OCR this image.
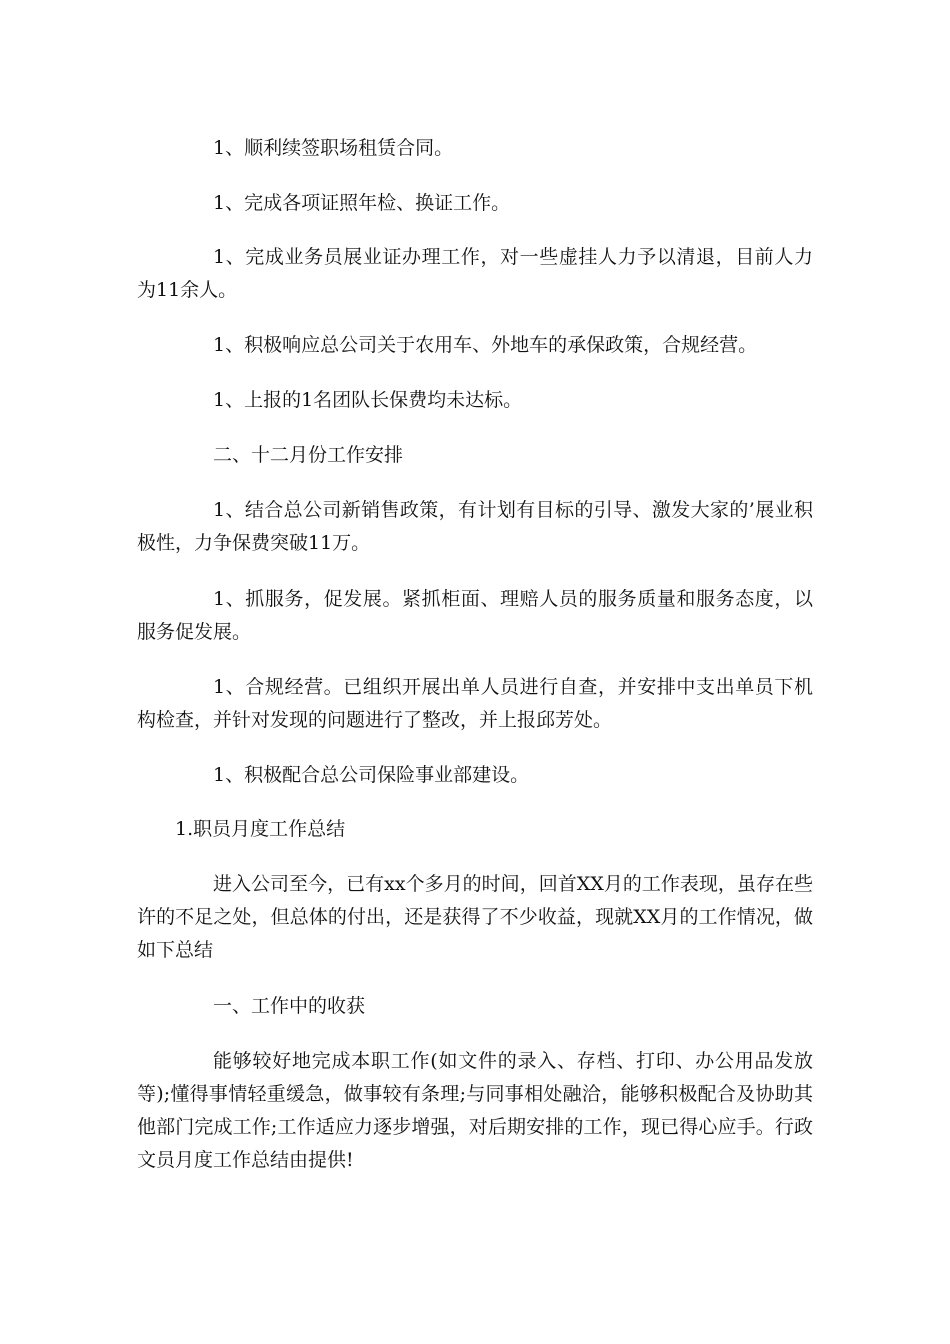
1、顺利续签职场租赁合同。

1、完成各项证照年检、换证工作。

1、完成业务员展业证办理工作，对一些虚挂人力予以清退，目前人力为11余人。

1、积极响应总公司关于农用车、外地车的承保政策，合规经营。

1、上报的1名团队长保费均未达标。

二、十二月份工作安排

1、结合总公司新销售政策，有计划有目标的引导、激发大家的’展业积极性，力争保费突破11万。

1、抓服务，促发展。紧抓柜面、理赔人员的服务质量和服务态度，以服务促发展。

1、合规经营。已组织开展出单人员进行自查，并安排中支出单员下机构检查，并针对发现的问题进行了整改，并上报邱芳处。

1、积极配合总公司保险事业部建设。

1.职员月度工作总结

进入公司至今，已有xx个多月的时间，回首XX月的工作表现，虽存在些许的不足之处，但总体的付出，还是获得了不少收益，现就XX月的工作情况，做如下总结

一、工作中的收获

能够较好地完成本职工作(如文件的录入、存档、打印、办公用品发放等);懂得事情轻重缓急，做事较有条理;与同事相处融洽，能够积极配合及协助其他部门完成工作;工作适应力逐步增强，对后期安排的工作，现已得心应手。行政文员月度工作总结由提供!
